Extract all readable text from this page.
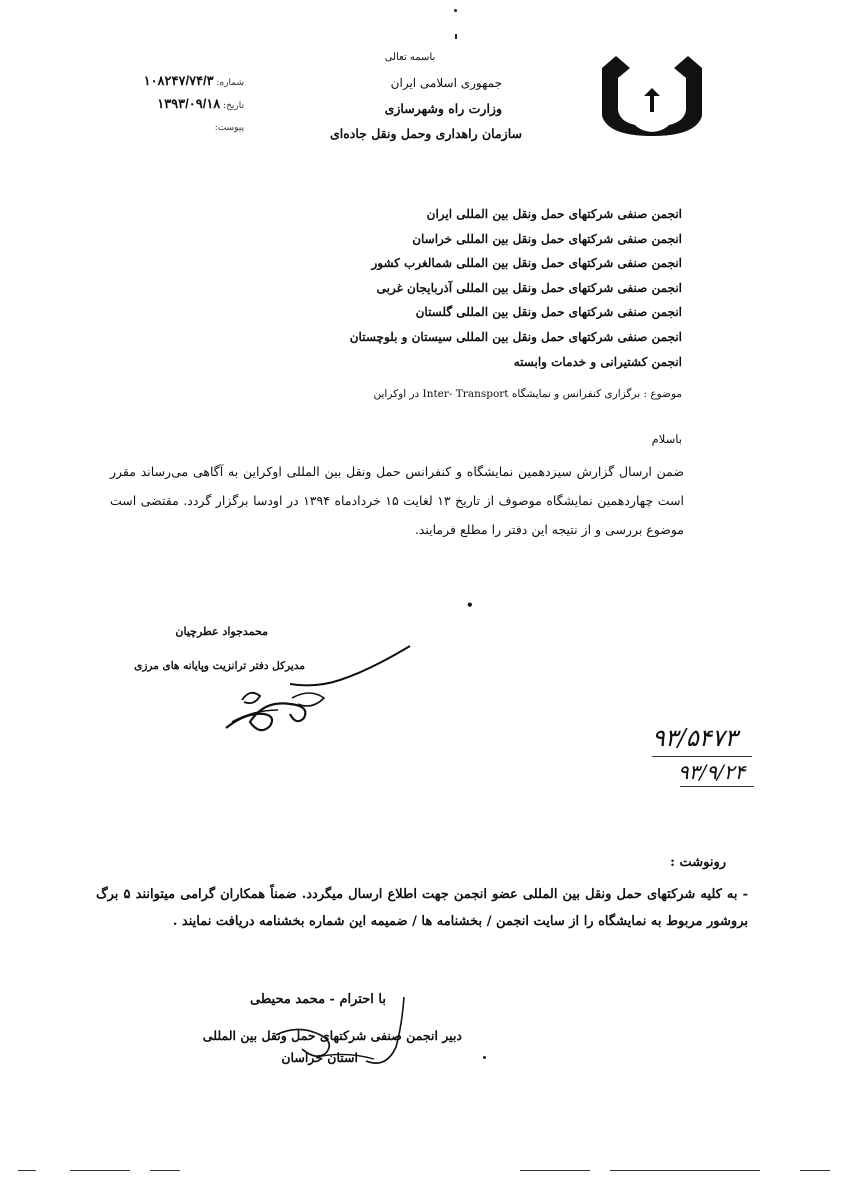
باسمه تعالی
جمهوری اسلامی ایران
وزارت راه وشهرسازی
سازمان راهداری وحمل ونقل جاده‌ای
شماره: ۱۰۸۲۴۷/۷۴/۳
تاریخ: ۱۳۹۳/۰۹/۱۸
پیوست:
انجمن صنفی شرکتهای حمل ونقل بین المللی ایران
انجمن صنفی شرکتهای حمل ونقل بین المللی خراسان
انجمن صنفی شرکتهای حمل ونقل بین المللی شمالغرب کشور
انجمن صنفی شرکتهای حمل ونقل بین المللی آذربایجان غربی
انجمن صنفی شرکتهای حمل ونقل بین المللی گلستان
انجمن صنفی شرکتهای حمل ونقل بین المللی سیستان و بلوچستان
انجمن کشتیرانی و خدمات وابسته
موضوع : برگزاری کنفرانس و نمایشگاه Inter- Transport در اوکراین
باسلام
ضمن ارسال گزارش سیزدهمین نمایشگاه و کنفرانس حمل ونقل بین المللی اوکراین به آگاهی می‌رساند مقرر است چهاردهمین نمایشگاه موصوف از تاریخ ۱۳ لغایت ۱۵ خردادماه ۱۳۹۴ در اودسا برگزار گردد. مقتضی است موضوع بررسی و از نتیجه این دفتر را مطلع فرمایند.
•
محمدجواد عطرچیان
مدیرکل دفتر ترانزیت وپایانه های مرزی
۹۳/۵۴۷۳
۹۳/۹/۲۴
رونوشت :
- به کلیه شرکتهای حمل ونقل بین المللی عضو انجمن جهت اطلاع ارسال میگردد. ضمناً همکاران گرامی میتوانند ۵ برگ بروشور مربوط به نمایشگاه را از سایت انجمن / بخشنامه ها / ضمیمه این شماره بخشنامه دریافت نمایند .
با احترام - محمد محیطی
دبیر انجمن صنفی شرکتهای حمل ونقل بین المللی
استان خراسان
